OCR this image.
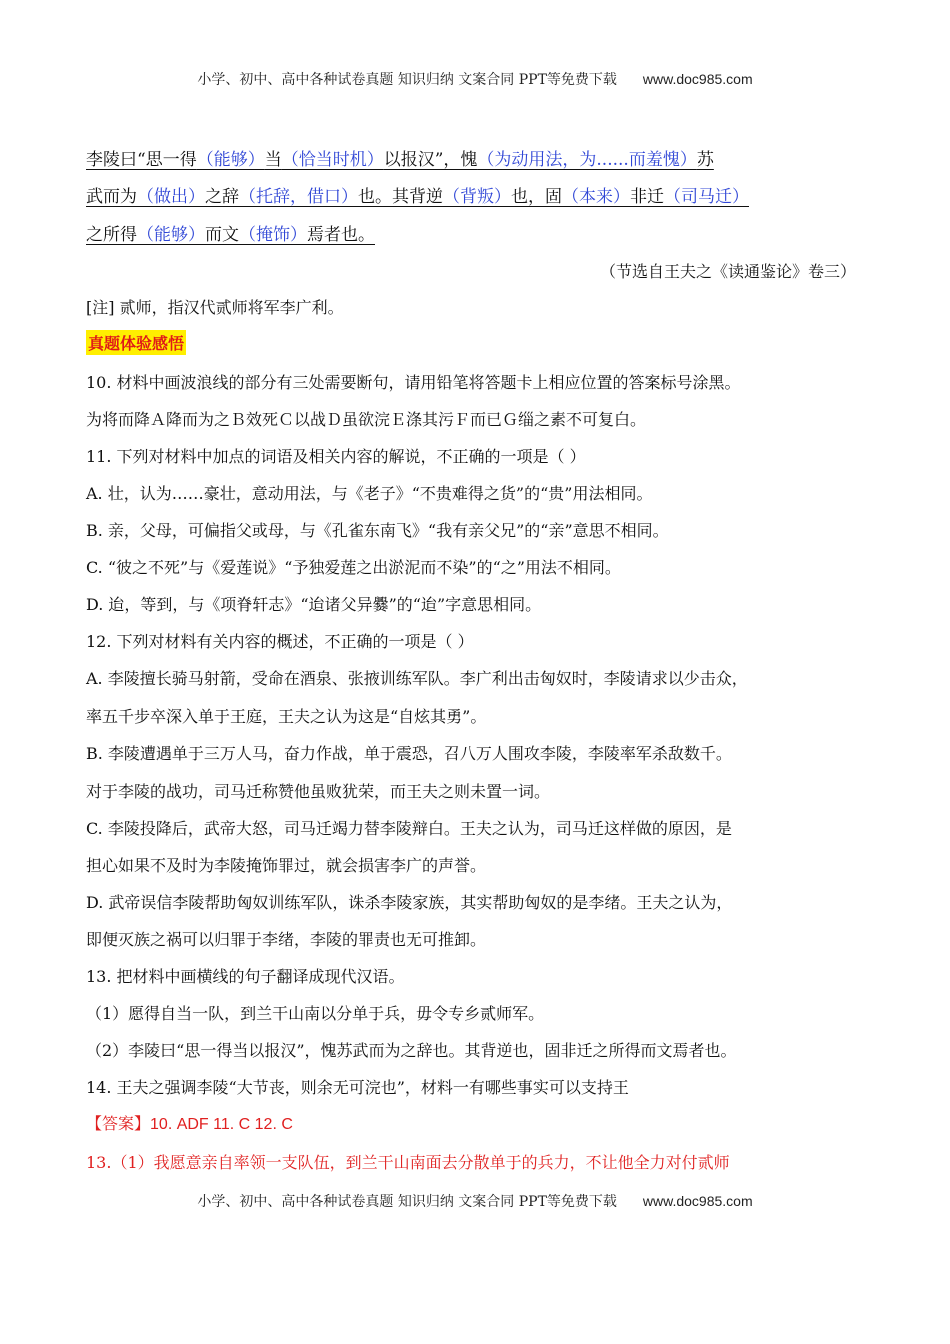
小学、初中、高中各种试卷真题 知识归纳 文案合同 PPT等免费下载 www.doc985.com
李陵曰“思一得（能够）当（恰当时机）以报汉”，愧（为动用法，为......而羞愧）苏
武而为（做出）之辞（托辞，借口）也。其背逆（背叛）也，固（本来）非迁（司马迁）
之所得（能够）而文（掩饰）焉者也。
（节选自王夫之《读通鉴论》卷三）
[注] 贰师，指汉代贰师将军李广利。
真题体验感悟
10. 材料中画波浪线的部分有三处需要断句，请用铅笔将答题卡上相应位置的答案标号涂黑。
为将而降Ａ降而为之Ｂ效死Ｃ以战Ｄ虽欲浣Ｅ涤其污Ｆ而已Ｇ缁之素不可复白。
11. 下列对材料中加点的词语及相关内容的解说，不正确的一项是（ ）
A. 壮，认为……豪壮，意动用法，与《老子》“不贵难得之货”的“贵”用法相同。
B. 亲，父母，可偏指父或母，与《孔雀东南飞》“我有亲父兄”的“亲”意思不相同。
C. “彼之不死”与《爱莲说》“予独爱莲之出淤泥而不染”的“之”用法不相同。
D. 迨，等到，与《项脊轩志》“迨诸父异爨”的“迨”字意思相同。
12. 下列对材料有关内容的概述，不正确的一项是（ ）
A. 李陵擅长骑马射箭，受命在酒泉、张掖训练军队。李广利出击匈奴时，李陵请求以少击众，
率五千步卒深入单于王庭，王夫之认为这是“自炫其勇”。
B. 李陵遭遇单于三万人马，奋力作战，单于震恐，召八万人围攻李陵，李陵率军杀敌数千。
对于李陵的战功，司马迁称赞他虽败犹荣，而王夫之则未置一词。
C. 李陵投降后，武帝大怒，司马迁竭力替李陵辩白。王夫之认为，司马迁这样做的原因，是
担心如果不及时为李陵掩饰罪过，就会损害李广的声誉。
D. 武帝误信李陵帮助匈奴训练军队，诛杀李陵家族，其实帮助匈奴的是李绪。王夫之认为，
即便灭族之祸可以归罪于李绪，李陵的罪责也无可推卸。
13. 把材料中画横线的句子翻译成现代汉语。
（1）愿得自当一队，到兰干山南以分单于兵，毋令专乡贰师军。
（2）李陵曰“思一得当以报汉”，愧苏武而为之辞也。其背逆也，固非迁之所得而文焉者也。
14. 王夫之强调李陵“大节丧，则余无可浣也”，材料一有哪些事实可以支持王
【答案】10. ADF 11. C 12. C
13.（1）我愿意亲自率领一支队伍，到兰干山南面去分散单于的兵力，不让他全力对付贰师
小学、初中、高中各种试卷真题 知识归纳 文案合同 PPT等免费下载 www.doc985.com
